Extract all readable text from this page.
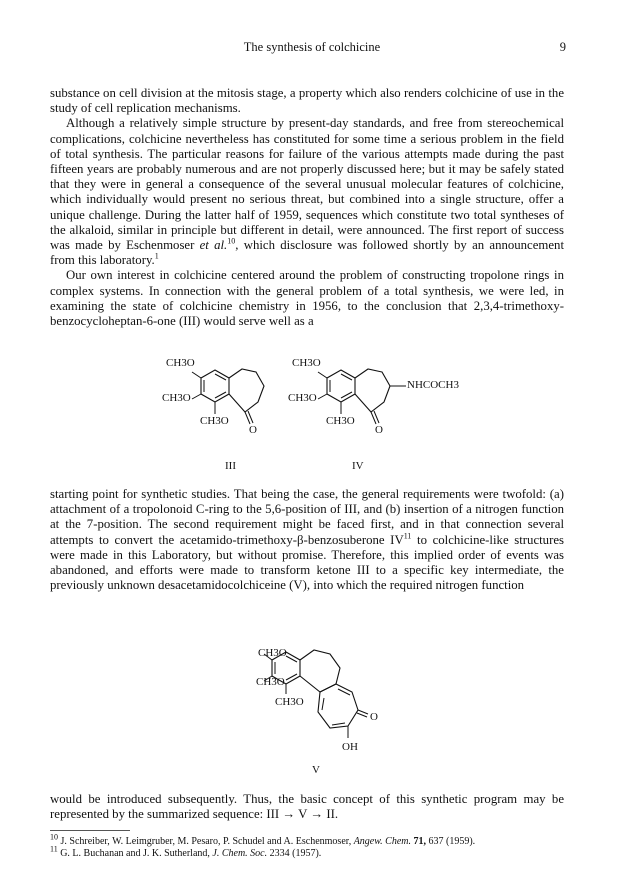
The synthesis of colchicine	9

substance on cell division at the mitosis stage, a property which also renders colchicine of use in the study of cell replication mechanisms.

Although a relatively simple structure by present-day standards, and free from stereochemical complications, colchicine nevertheless has constituted for some time a serious problem in the field of total synthesis. The particular reasons for failure of the various attempts made during the past fifteen years are probably numerous and are not properly discussed here; but it may be safely stated that they were in general a consequence of the several unusual molecular features of colchicine, which individually would present no serious threat, but combined into a single structure, offer a unique challenge. During the latter half of 1959, sequences which constitute two total syntheses of the alkaloid, similar in principle but different in detail, were announced. The first report of success was made by Eschenmoser et al.$^{10}$, which disclosure was followed shortly by an announcement from this laboratory.$^1$

Our own interest in colchicine centered around the problem of constructing tropolone rings in complex systems. In connection with the general problem of a total synthesis, we were led, in examining the state of colchicine chemistry in 1956, to the conclusion that 2,3,4-trimethoxy-benzocycloheptan-6-one (III) would serve well as a

CH3O
CH3O
CH3O
O
III
CH3O
CH3O
CH3O
O
NHCOCH3
IV

starting point for synthetic studies. That being the case, the general requirements were twofold: (a) attachment of a tropolonoid C-ring to the 5,6-position of III, and (b) insertion of a nitrogen function at the 7-position. The second requirement might be faced first, and in that connection several attempts to convert the acetamido-trimethoxy-β-benzosuberone IV$^{11}$ to colchicine-like structures were made in this Laboratory, but without promise. Therefore, this implied order of events was abandoned, and efforts were made to transform ketone III to a specific key intermediate, the previously unknown desacetamidocolchiceine (V), into which the required nitrogen function

CH3O
CH3O
CH3O
O
OH
V

would be introduced subsequently. Thus, the basic concept of this synthetic program may be represented by the summarized sequence: III → V → II.

$^{10}$ J. Schreiber, W. Leimgruber, M. Pesaro, P. Schudel and A. Eschenmoser, Angew. Chem. 71, 637 (1959).
$^{11}$ G. L. Buchanan and J. K. Sutherland, J. Chem. Soc. 2334 (1957).
